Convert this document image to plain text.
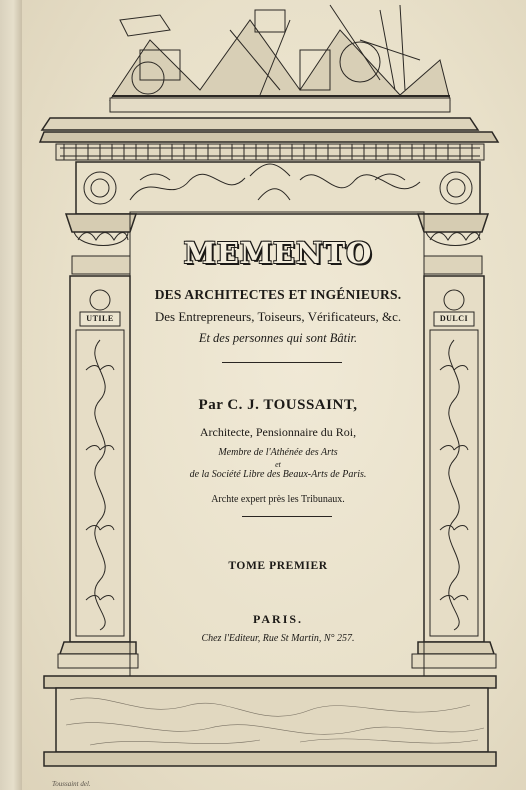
UTILE	DULCI
MEMENTO
DES ARCHITECTES ET INGÉNIEURS.
Des Entrepreneurs, Toiseurs, Vérificateurs, &c.
Et des personnes qui sont Bâtir.
Par C. J. TOUSSAINT,
Architecte, Pensionnaire du Roi,
Membre de l'Athénée des Arts
et
de la Société Libre des Beaux-Arts de Paris.
Archte expert près les Tribunaux.
TOME PREMIER
PARIS.
Chez l'Editeur, Rue St Martin, N° 257.
Toussaint del.
